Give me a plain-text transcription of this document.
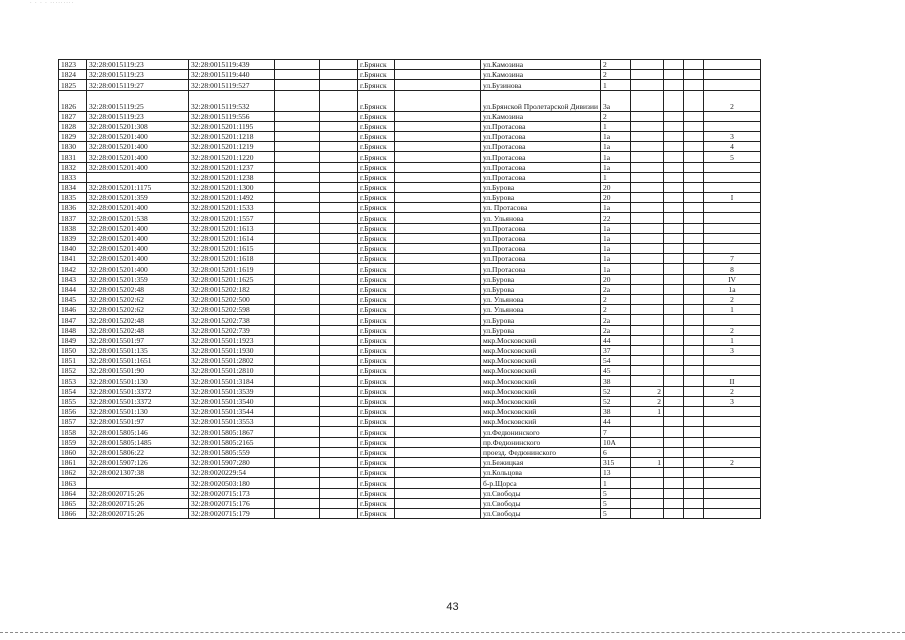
· · · · ·········
1823	32:28:0015119:23	32:28:0015119:439			г.Брянск		ул.Камозина	2				
1824	32:28:0015119:23	32:28:0015119:440			г.Брянск		ул.Камозина	2				
1825	32:28:0015119:27	32:28:0015119:527			г.Брянск		ул.Бузинова	1				
1826	32:28:0015119:25	32:28:0015119:532			г.Брянск		ул.Брянской Пролетарской Дивизии	3а				2
1827	32:28:0015119:23	32:28:0015119:556			г.Брянск		ул.Камозина	2				
1828	32:28:0015201:308	32:28:0015201:1195			г.Брянск		ул.Протасова	1				
1829	32:28:0015201:400	32:28:0015201:1218			г.Брянск		ул.Протасова	1а				3
1830	32:28:0015201:400	32:28:0015201:1219			г.Брянск		ул.Протасова	1а				4
1831	32:28:0015201:400	32:28:0015201:1220			г.Брянск		ул.Протасова	1а				5
1832	32:28:0015201:400	32:28:0015201:1237			г.Брянск		ул.Протасова	1а				
1833		32:28:0015201:1238			г.Брянск		ул.Протасова	1				
1834	32:28:0015201:1175	32:28:0015201:1300			г.Брянск		ул.Бурова	20				
1835	32:28:0015201:359	32:28:0015201:1492			г.Брянск		ул.Бурова	20				I
1836	32:28:0015201:400	32:28:0015201:1533			г.Брянск		ул. Протасова	1а				
1837	32:28:0015201:538	32:28:0015201:1557			г.Брянск		ул. Ульянова	22				
1838	32:28:0015201:400	32:28:0015201:1613			г.Брянск		ул.Протасова	1а				
1839	32:28:0015201:400	32:28:0015201:1614			г.Брянск		ул.Протасова	1а				
1840	32:28:0015201:400	32:28:0015201:1615			г.Брянск		ул.Протасова	1а				
1841	32:28:0015201:400	32:28:0015201:1618			г.Брянск		ул.Протасова	1а				7
1842	32:28:0015201:400	32:28:0015201:1619			г.Брянск		ул.Протасова	1а				8
1843	32:28:0015201:359	32:28:0015201:1625			г.Брянск		ул.Бурова	20				IV
1844	32:28:0015202:48	32:28:0015202:182			г.Брянск		ул.Бурова	2а				1а
1845	32:28:0015202:62	32:28:0015202:500			г.Брянск		ул. Ульянова	2				2
1846	32:28:0015202:62	32:28:0015202:598			г.Брянск		ул. Ульянова	2				1
1847	32:28:0015202:48	32:28:0015202:738			г.Брянск		ул.Бурова	2а				
1848	32:28:0015202:48	32:28:0015202:739			г.Брянск		ул.Бурова	2а				2
1849	32:28:0015501:97	32:28:0015501:1923			г.Брянск		мкр.Московский	44				1
1850	32:28:0015501:135	32:28:0015501:1930			г.Брянск		мкр.Московский	37				3
1851	32:28:0015501:1651	32:28:0015501:2802			г.Брянск		мкр.Московский	54				
1852	32:28:0015501:90	32:28:0015501:2810			г.Брянск		мкр.Московский	45				
1853	32:28:0015501:130	32:28:0015501:3184			г.Брянск		мкр.Московский	38				II
1854	32:28:0015501:3372	32:28:0015501:3539			г.Брянск		мкр.Московский	52	2			2
1855	32:28:0015501:3372	32:28:0015501:3540			г.Брянск		мкр.Московский	52	2			3
1856	32:28:0015501:130	32:28:0015501:3544			г.Брянск		мкр.Московский	38	1			
1857	32:28:0015501:97	32:28:0015501:3553			г.Брянск		мкр.Московский	44				
1858	32:28:0015805:146	32:28:0015805:1867			г.Брянск		ул.Федюнинского	7				
1859	32:28:0015805:1485	32:28:0015805:2165			г.Брянск		пр.Федюнинского	10А				
1860	32:28:0015806:22	32:28:0015805:559			г.Брянск		проезд. Федюнинского	6				
1861	32:28:0015907:126	32:28:0015907:280			г.Брянск		ул.Бежицкая	315	1			2
1862	32:28:0021307:38	32:28:0020229:54			г.Брянск		ул.Кольцова	13				
1863		32:28:0020503:180			г.Брянск		б-р.Щорса	1				
1864	32:28:0020715:26	32:28:0020715:173			г.Брянск		ул.Свободы	5				
1865	32:28:0020715:26	32:28:0020715:176			г.Брянск		ул.Свободы	5				
1866	32:28:0020715:26	32:28:0020715:179			г.Брянск		ул.Свободы	5				
43
